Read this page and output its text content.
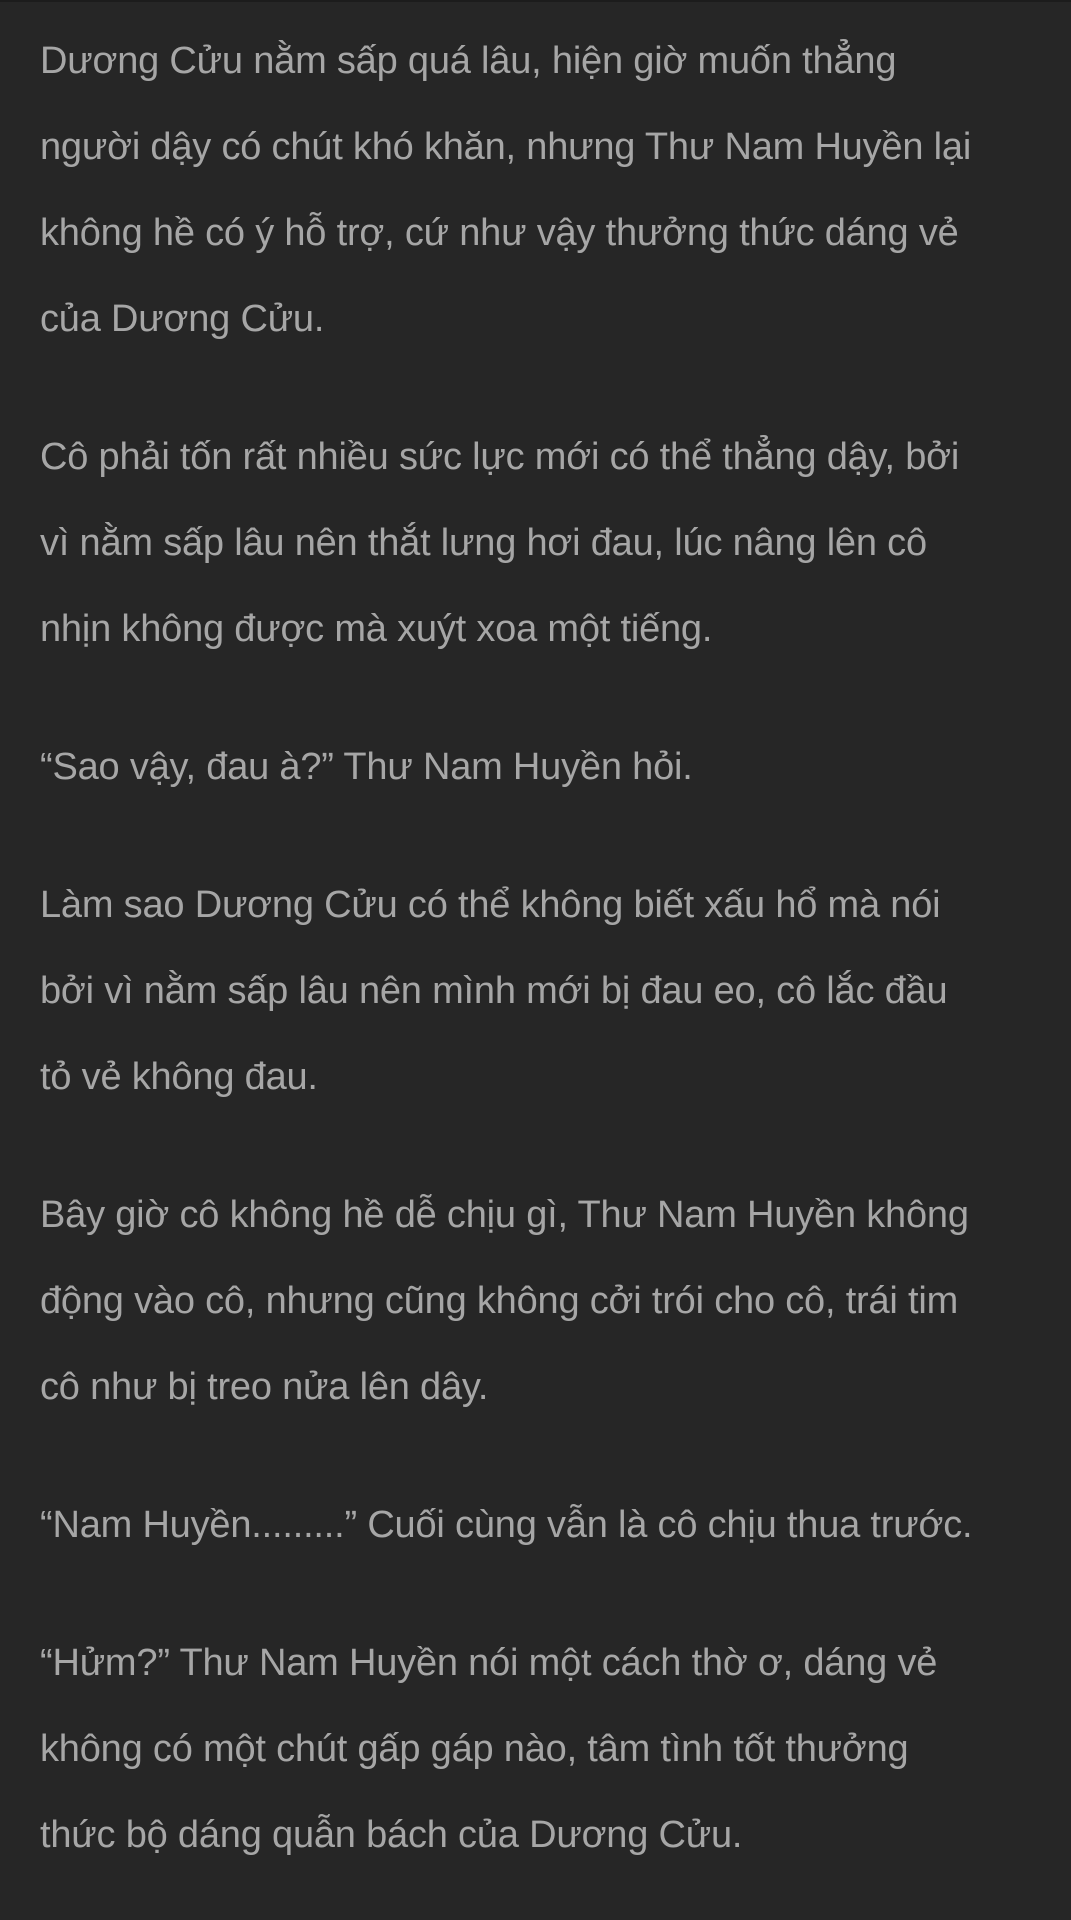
Dương Cửu nằm sấp quá lâu, hiện giờ muốn thẳng
người dậy có chút khó khăn, nhưng Thư Nam Huyền lại
không hề có ý hỗ trợ, cứ như vậy thưởng thức dáng vẻ
của Dương Cửu.

Cô phải tốn rất nhiều sức lực mới có thể thẳng dậy, bởi
vì nằm sấp lâu nên thắt lưng hơi đau, lúc nâng lên cô
nhịn không được mà xuýt xoa một tiếng.

“Sao vậy, đau à?” Thư Nam Huyền hỏi.

Làm sao Dương Cửu có thể không biết xấu hổ mà nói
bởi vì nằm sấp lâu nên mình mới bị đau eo, cô lắc đầu
tỏ vẻ không đau.

Bây giờ cô không hề dễ chịu gì, Thư Nam Huyền không
động vào cô, nhưng cũng không cởi trói cho cô, trái tim
cô như bị treo nửa lên dây.

“Nam Huyền.........” Cuối cùng vẫn là cô chịu thua trước.

“Hửm?” Thư Nam Huyền nói một cách thờ ơ, dáng vẻ
không có một chút gấp gáp nào, tâm tình tốt thưởng
thức bộ dáng quẫn bách của Dương Cửu.
